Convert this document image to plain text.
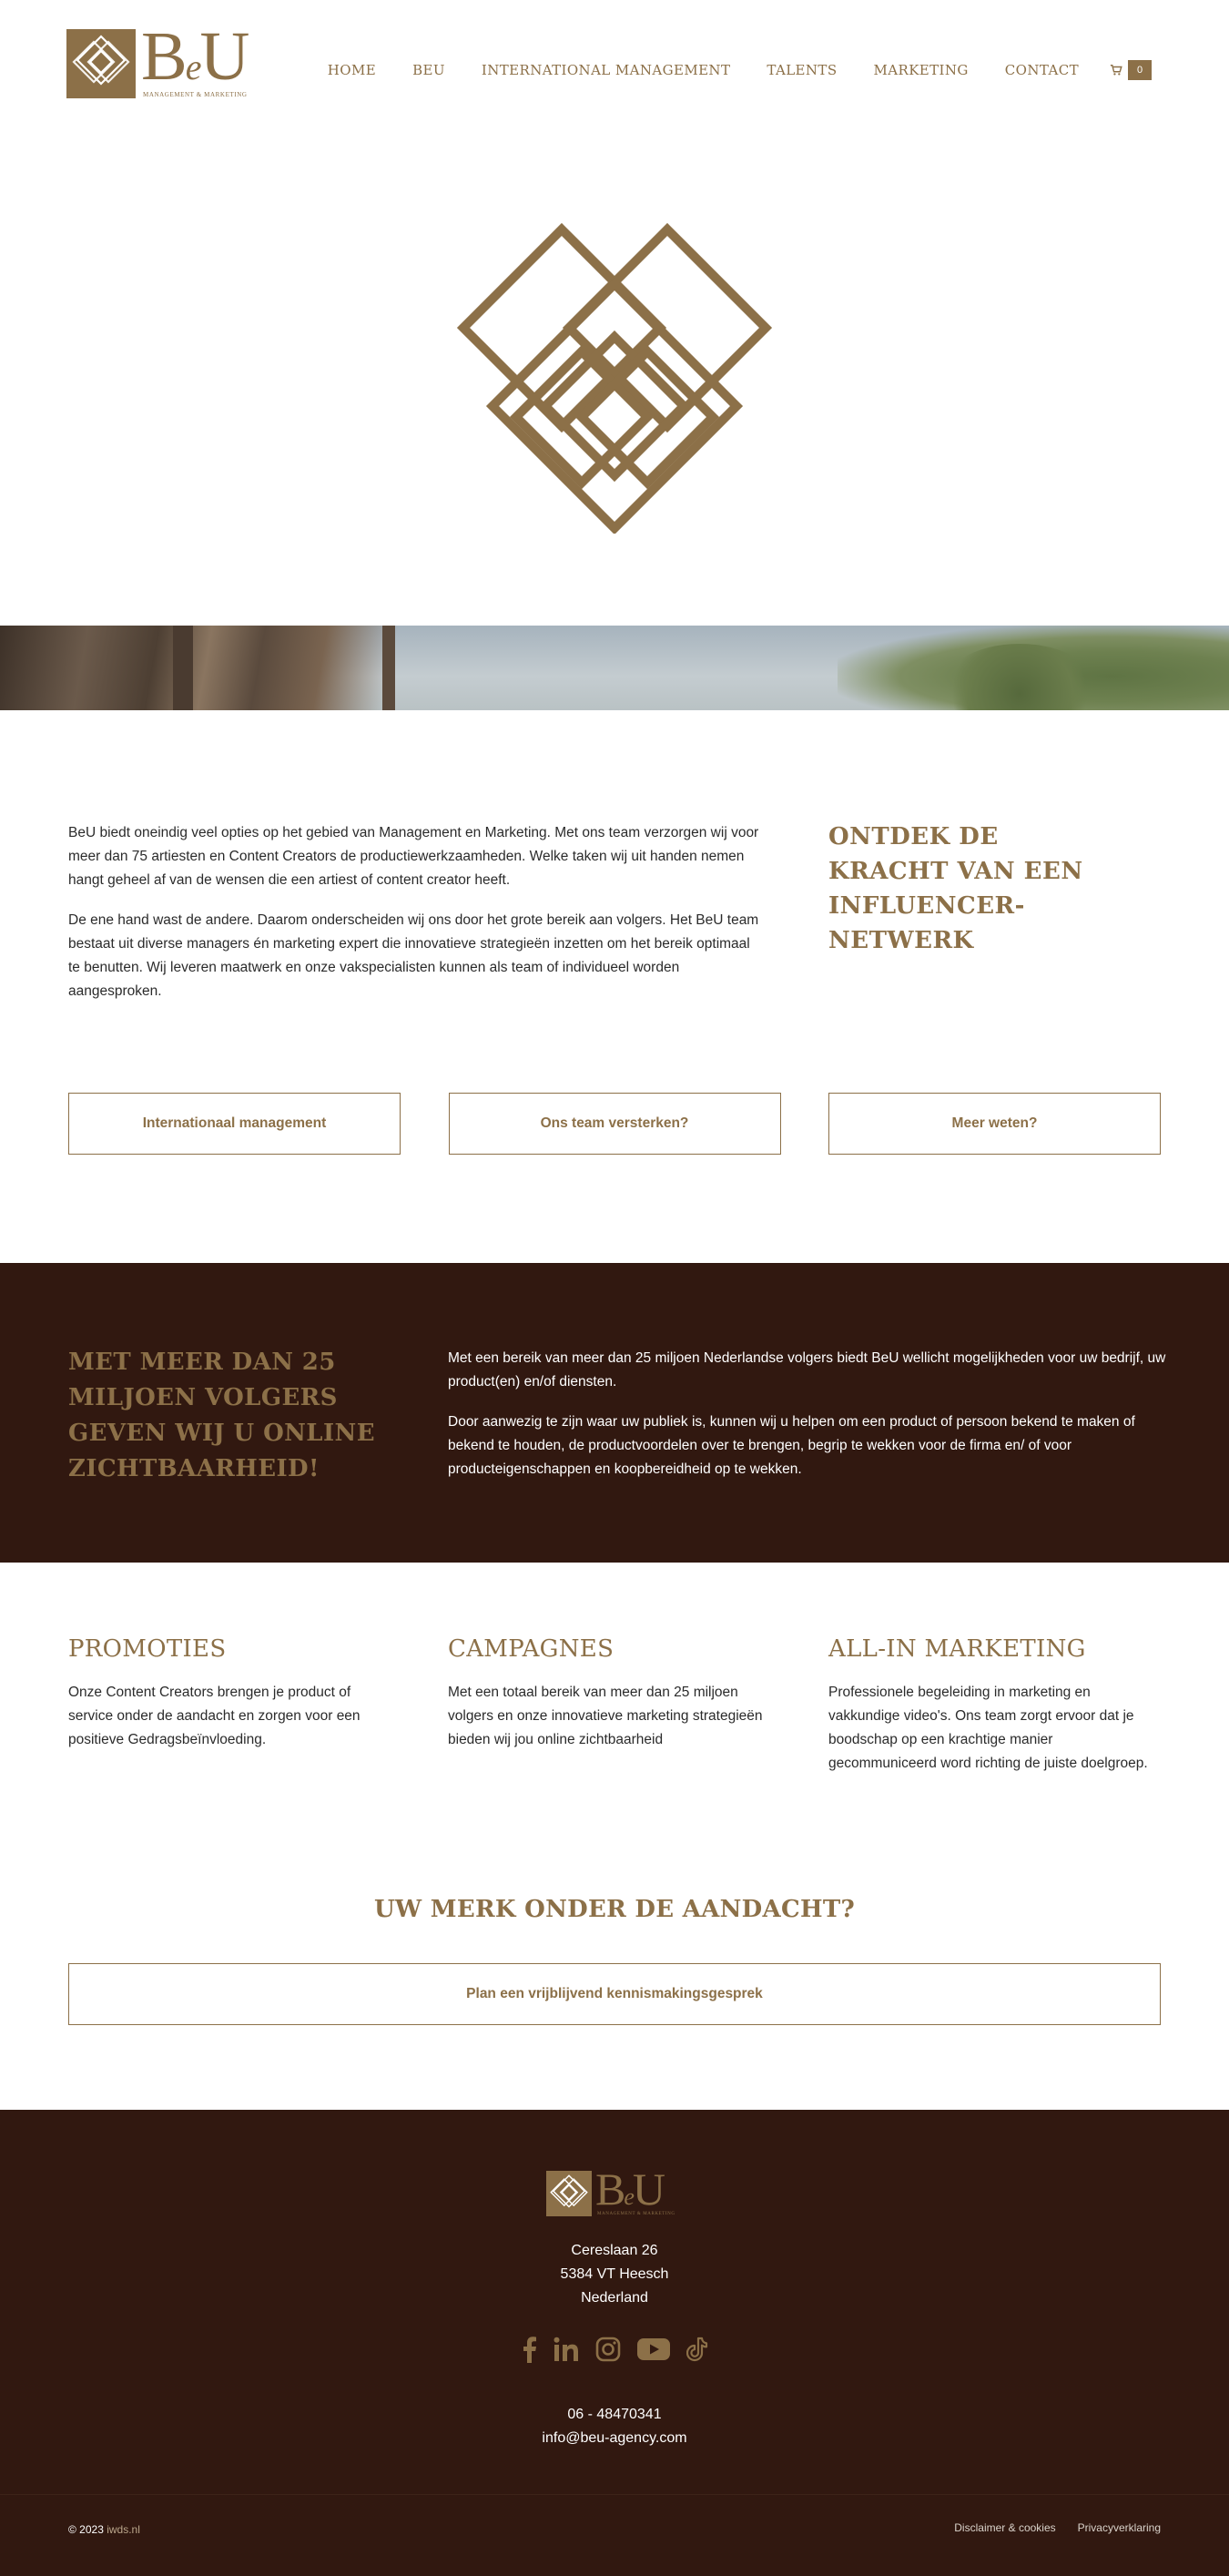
BeU
MANAGEMENT & MARKETING
HOME	BEU	INTERNATIONAL MANAGEMENT	TALENTS	MARKETING	CONTACT	0

BeU biedt oneindig veel opties op het gebied van Management en Marketing. Met ons team verzorgen wij voor meer dan 75 artiesten en Content Creators de productiewerkzaamheden. Welke taken wij uit handen nemen hangt geheel af van de wensen die een artiest of content creator heeft.

De ene hand wast de andere. Daarom onderscheiden wij ons door het grote bereik aan volgers. Het BeU team bestaat uit diverse managers én marketing expert die innovatieve strategieën inzetten om het bereik optimaal te benutten. Wij leveren maatwerk en onze vakspecialisten kunnen als team of individueel worden aangesproken.

ONTDEK DE KRACHT VAN EEN INFLUENCER-NETWERK
Internationaal management	Ons team versterken?	Meer weten?
MET MEER DAN 25 MILJOEN VOLGERS GEVEN WIJ U ONLINE ZICHTBAARHEID!

Met een bereik van meer dan 25 miljoen Nederlandse volgers biedt BeU wellicht mogelijkheden voor uw bedrijf, uw product(en) en/of diensten.

Door aanwezig te zijn waar uw publiek is, kunnen wij u helpen om een product of persoon bekend te maken of bekend te houden, de productvoordelen over te brengen, begrip te wekken voor de firma en/ of voor producteigenschappen en koopbereidheid op te wekken.

PROMOTIES

Onze Content Creators brengen je product of service onder de aandacht en zorgen voor een positieve Gedragsbeïnvloeding.

CAMPAGNES

Met een totaal bereik van meer dan 25 miljoen volgers en onze innovatieve marketing strategieën bieden wij jou online zichtbaarheid

ALL-IN MARKETING

Professionele begeleiding in marketing en vakkundige video's. Ons team zorgt ervoor dat je boodschap op een krachtige manier gecommuniceerd word richting de juiste doelgroep.

UW MERK ONDER DE AANDACHT?
Plan een vrijblijvend kennismakingsgesprek
BeU
MANAGEMENT & MARKETING
Cereslaan 26
5384 VT Heesch
Nederland
06 - 48470341
info@beu-agency.com
© 2023 iwds.nl	Disclaimer & cookies Privacyverklaring
